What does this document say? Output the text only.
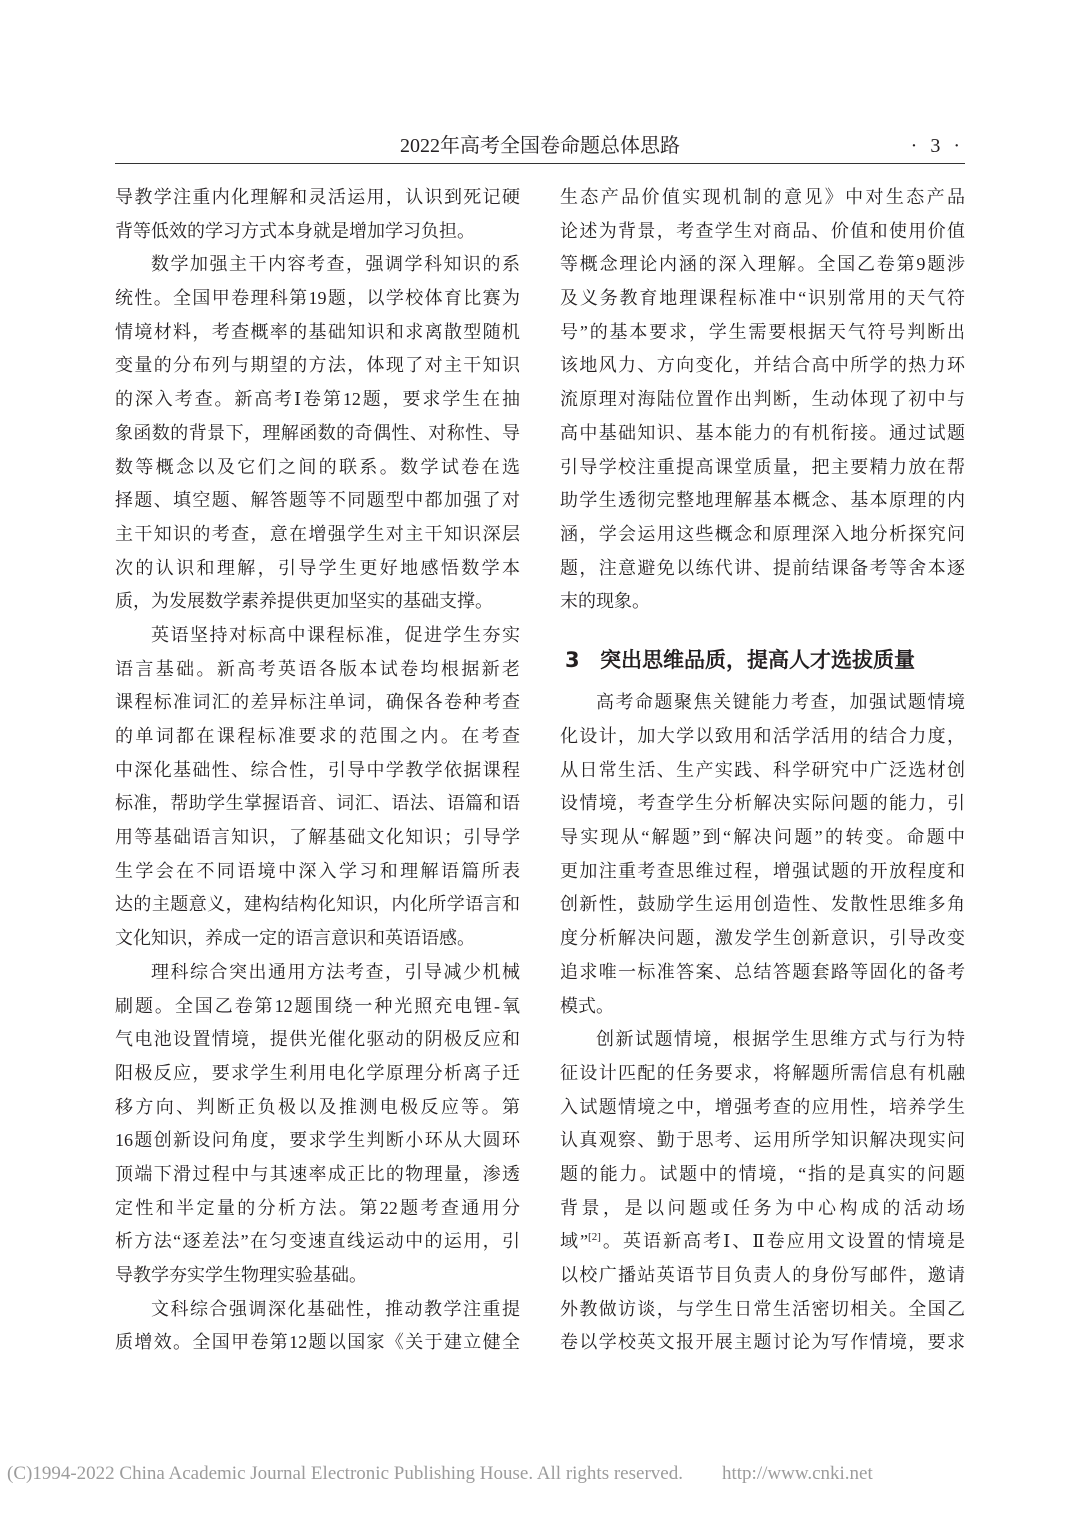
2022年高考全国卷命题总体思路	· 3 ·
导教学注重内化理解和灵活运用，认识到死记硬
背等低效的学习方式本身就是增加学习负担。
数学加强主干内容考查，强调学科知识的系
统性。全国甲卷理科第19题，以学校体育比赛为
情境材料，考查概率的基础知识和求离散型随机
变量的分布列与期望的方法，体现了对主干知识
的深入考查。新高考Ⅰ卷第12题，要求学生在抽
象函数的背景下，理解函数的奇偶性、对称性、导
数等概念以及它们之间的联系。数学试卷在选
择题、填空题、解答题等不同题型中都加强了对
主干知识的考查，意在增强学生对主干知识深层
次的认识和理解，引导学生更好地感悟数学本
质，为发展数学素养提供更加坚实的基础支撑。
英语坚持对标高中课程标准，促进学生夯实
语言基础。新高考英语各版本试卷均根据新老
课程标准词汇的差异标注单词，确保各卷种考查
的单词都在课程标准要求的范围之内。在考查
中深化基础性、综合性，引导中学教学依据课程
标准，帮助学生掌握语音、词汇、语法、语篇和语
用等基础语言知识，了解基础文化知识；引导学
生学会在不同语境中深入学习和理解语篇所表
达的主题意义，建构结构化知识，内化所学语言和
文化知识，养成一定的语言意识和英语语感。
理科综合突出通用方法考查，引导减少机械
刷题。全国乙卷第12题围绕一种光照充电锂-氧
气电池设置情境，提供光催化驱动的阴极反应和
阳极反应，要求学生利用电化学原理分析离子迁
移方向、判断正负极以及推测电极反应等。第
16题创新设问角度，要求学生判断小环从大圆环
顶端下滑过程中与其速率成正比的物理量，渗透
定性和半定量的分析方法。第22题考查通用分
析方法“逐差法”在匀变速直线运动中的运用，引
导教学夯实学生物理实验基础。
文科综合强调深化基础性，推动教学注重提
质增效。全国甲卷第12题以国家《关于建立健全
生态产品价值实现机制的意见》中对生态产品
论述为背景，考查学生对商品、价值和使用价值
等概念理论内涵的深入理解。全国乙卷第9题涉
及义务教育地理课程标准中“识别常用的天气符
号”的基本要求，学生需要根据天气符号判断出
该地风力、方向变化，并结合高中所学的热力环
流原理对海陆位置作出判断，生动体现了初中与
高中基础知识、基本能力的有机衔接。通过试题
引导学校注重提高课堂质量，把主要精力放在帮
助学生透彻完整地理解基本概念、基本原理的内
涵，学会运用这些概念和原理深入地分析探究问
题，注意避免以练代讲、提前结课备考等舍本逐
末的现象。
3 突出思维品质，提高人才选拔质量
高考命题聚焦关键能力考查，加强试题情境
化设计，加大学以致用和活学活用的结合力度，
从日常生活、生产实践、科学研究中广泛选材创
设情境，考查学生分析解决实际问题的能力，引
导实现从“解题”到“解决问题”的转变。命题中
更加注重考查思维过程，增强试题的开放程度和
创新性，鼓励学生运用创造性、发散性思维多角
度分析解决问题，激发学生创新意识，引导改变
追求唯一标准答案、总结答题套路等固化的备考
模式。
创新试题情境，根据学生思维方式与行为特
征设计匹配的任务要求，将解题所需信息有机融
入试题情境之中，增强考查的应用性，培养学生
认真观察、勤于思考、运用所学知识解决现实问
题的能力。试题中的情境，“指的是真实的问题
背景，是以问题或任务为中心构成的活动场
域”[2]。英语新高考Ⅰ、Ⅱ卷应用文设置的情境是
以校广播站英语节目负责人的身份写邮件，邀请
外教做访谈，与学生日常生活密切相关。全国乙
卷以学校英文报开展主题讨论为写作情境，要求
(C)1994-2022 China Academic Journal Electronic Publishing House. All rights reserved. http://www.cnki.net
